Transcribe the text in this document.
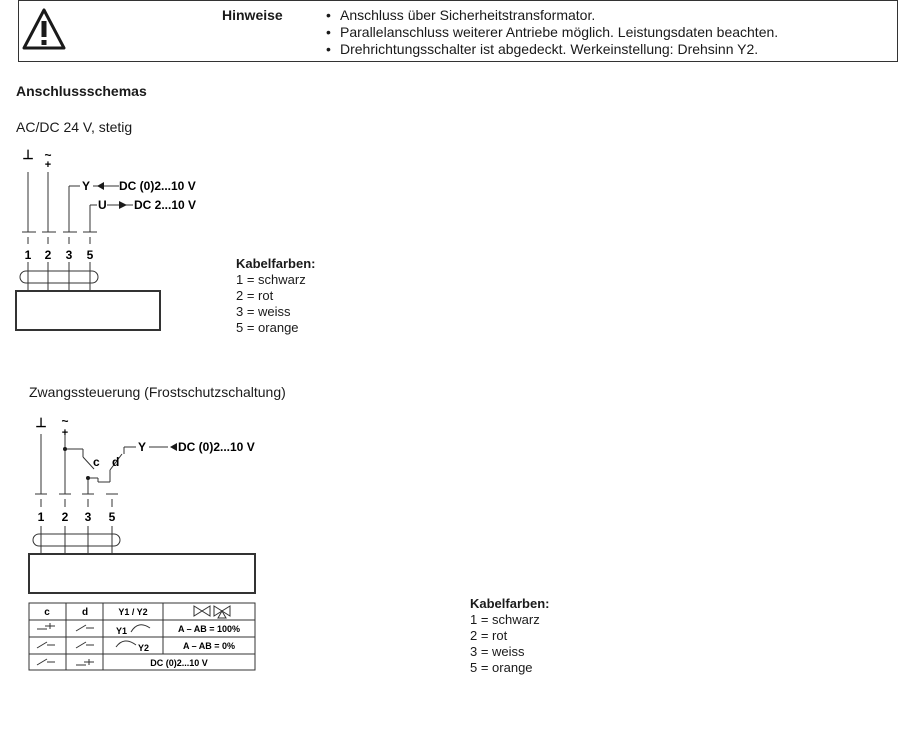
Hinweise
•	Anschluss über Sicherheitstransformator.
• Parallelanschluss weiterer Antriebe möglich. Leistungsdaten beachten.
• Drehrichtungsschalter ist abgedeckt. Werkeinstellung: Drehsinn Y2.
Anschlussschemas
AC/DC 24 V, stetig
⊥ ~
+
Y DC (0)2...10 V
U DC 2...10 V
1 2 3 5
⊥ ~
+
c d
Y	DC (0)2...10 V
1 2 3 5
c	d	Y1 / Y2
Y1	A – AB = 100%
Y2	A – AB = 0%
DC (0)2...10 V
Kabelfarben:
1 = schwarz
2 = rot
3 = weiss
5 = orange
Zwangssteuerung (Frostschutzschaltung)
Kabelfarben:
1 = schwarz
2 = rot
3 = weiss
5 = orange
